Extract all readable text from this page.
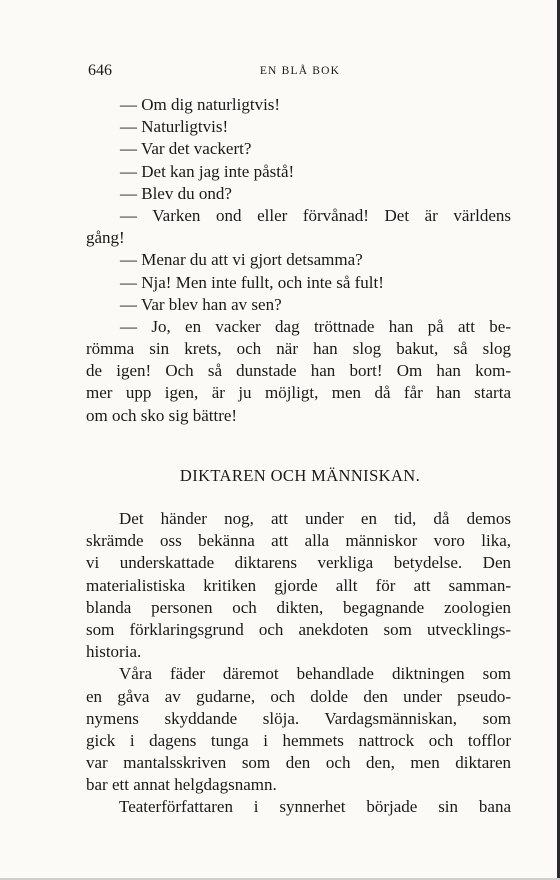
646	EN BLÅ BOK
— Om dig naturligtvis!
— Naturligtvis!
— Var det vackert?
— Det kan jag inte påstå!
— Blev du ond?
— Varken ond eller förvånad! Det är världens
gång!
— Menar du att vi gjort detsamma?
— Nja! Men inte fullt, och inte så fult!
— Var blev han av sen?
— Jo, en vacker dag tröttnade han på att be-
römma sin krets, och när han slog bakut, så slog
de igen! Och så dunstade han bort! Om han kom-
mer upp igen, är ju möjligt, men då får han starta
om och sko sig bättre!
DIKTAREN OCH MÄNNISKAN.
Det händer nog, att under en tid, då demos
skrämde oss bekänna att alla människor voro lika,
vi underskattade diktarens verkliga betydelse. Den
materialistiska kritiken gjorde allt för att samman-
blanda personen och dikten, begagnande zoologien
som förklaringsgrund och anekdoten som utvecklings-
historia.
Våra fäder däremot behandlade diktningen som
en gåva av gudarne, och dolde den under pseudo-
nymens skyddande slöja. Vardagsmänniskan, som
gick i dagens tunga i hemmets nattrock och tofflor
var mantalsskriven som den och den, men diktaren
bar ett annat helgdagsnamn.
Teaterförfattaren i synnerhet började sin bana
